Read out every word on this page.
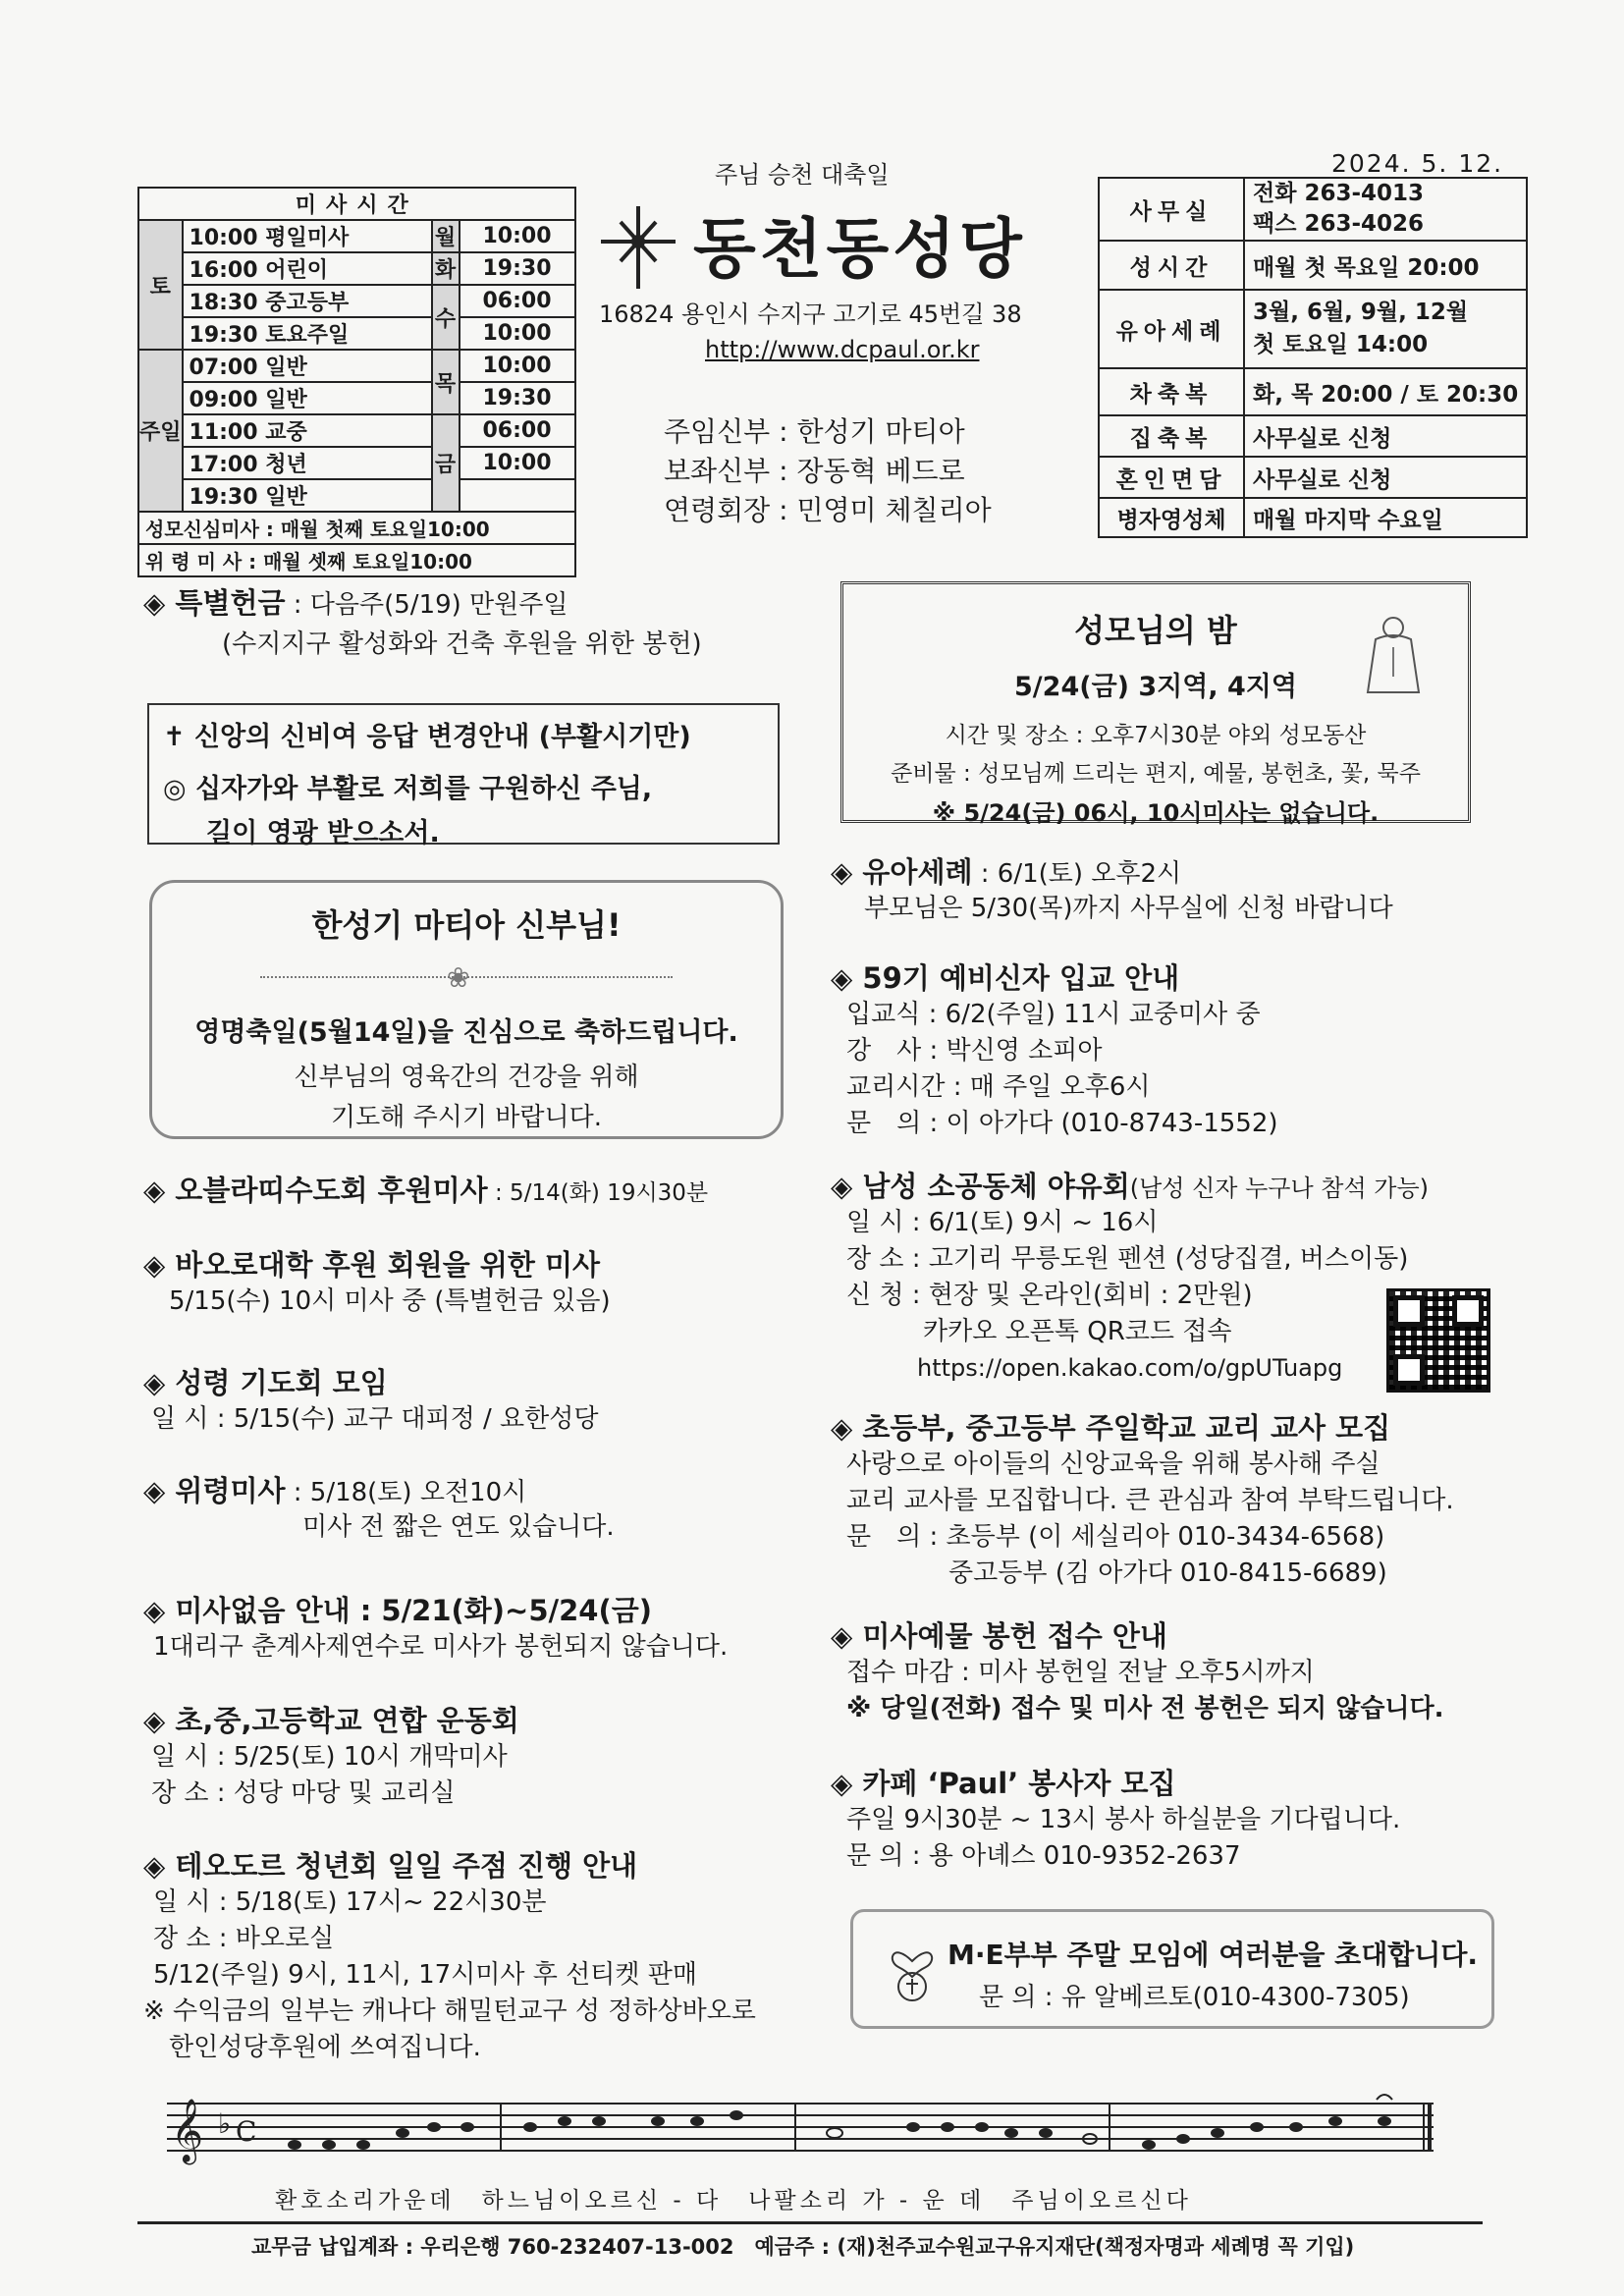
주님 승천 대축일	2024. 5. 12.
미사시간			
토	10:00 평일미사	월	10:00
	16:00 어린이	화	19:30
	18:30 중고등부	수	06:00
	19:30 토요주일		10:00
주일	07:00 일반	목	10:00
	09:00 일반		19:30
	11:00 교중	금	06:00
	17:00 청년		10:00
	19:30 일반		
성모신심미사 : 매월 첫째 토요일10:00			
위 령 미 사 : 매월 셋째 토요일10:00			
동천동성당
16824 용인시 수지구 고기로 45번길 38
http://www.dcpaul.or.kr
주임신부 : 한성기 마티아
보좌신부 : 장동혁 베드로
연령회장 : 민영미 체칠리아
사무실	전화 263-4013
팩스 263-4026

성시간	매월 첫 목요일 20:00
유아세례	3월, 6월, 9월, 12월
첫 토요일 14:00

차축복	화, 목 20:00 / 토 20:30
집축복	사무실로 신청
혼인면담	사무실로 신청
병자영성체	매월 마지막 수요일
◈ 특별헌금 : 다음주(5/19) 만원주일
(수지지구 활성화와 건축 후원을 위한 봉헌)
✝ 신앙의 신비여 응답 변경안내 (부활시기만)
◎ 십자가와 부활로 저희를 구원하신 주님,
길이 영광 받으소서.
한성기 마티아 신부님!
❀
영명축일(5월14일)을 진심으로 축하드립니다.
신부님의 영육간의 건강을 위해
기도해 주시기 바랍니다.
◈ 오블라띠수도회 후원미사 : 5/14(화) 19시30분
◈ 바오로대학 후원 회원을 위한 미사
5/15(수) 10시 미사 중 (특별헌금 있음)
◈ 성령 기도회 모임
일 시 : 5/15(수) 교구 대피정 / 요한성당
◈ 위령미사 : 5/18(토) 오전10시
　　　　미사 전 짧은 연도 있습니다.
◈ 미사없음 안내 : 5/21(화)~5/24(금)
1대리구 춘계사제연수로 미사가 봉헌되지 않습니다.
◈ 초,중,고등학교 연합 운동회
일 시 : 5/25(토) 10시 개막미사
장 소 : 성당 마당 및 교리실
◈ 테오도르 청년회 일일 주점 진행 안내
일 시 : 5/18(토) 17시~ 22시30분
장 소 : 바오로실
5/12(주일) 9시, 11시, 17시미사 후 선티켓 판매
※ 수익금의 일부는 캐나다 해밀턴교구 성 정하상바오로
　한인성당후원에 쓰여집니다.
성모님의 밤
5/24(금) 3지역, 4지역
시간 및 장소 : 오후7시30분 야외 성모동산
준비물 : 성모님께 드리는 편지, 예물, 봉헌초, 꽃, 묵주
※ 5/24(금) 06시, 10시미사는 없습니다.
◈ 유아세례 : 6/1(토) 오후2시
부모님은 5/30(목)까지 사무실에 신청 바랍니다
◈ 59기 예비신자 입교 안내
입교식 : 6/2(주일) 11시 교중미사 중
강　사 : 박신영 소피아
교리시간 : 매 주일 오후6시
문　의 : 이 아가다 (010-8743-1552)
◈ 남성 소공동체 야유회(남성 신자 누구나 참석 가능)
일 시 : 6/1(토) 9시 ~ 16시
장 소 : 고기리 무릉도원 펜션 (성당집결, 버스이동)
신 청 : 현장 및 온라인(회비 : 2만원)
　　　카카오 오픈톡 QR코드 접속
　　　https://open.kakao.com/o/gpUTuapg
◈ 초등부, 중고등부 주일학교 교리 교사 모집
사랑으로 아이들의 신앙교육을 위해 봉사해 주실
교리 교사를 모집합니다. 큰 관심과 참여 부탁드립니다.
문　의 : 초등부 (이 세실리아 010-3434-6568)
　　　　중고등부 (김 아가다 010-8415-6689)
◈ 미사예물 봉헌 접수 안내
접수 마감 : 미사 봉헌일 전날 오후5시까지
※ 당일(전화) 접수 및 미사 전 봉헌은 되지 않습니다.
◈ 카페 ‘Paul’ 봉사자 모집
주일 9시30분 ~ 13시 봉사 하실분을 기다립니다.
문 의 : 용 아녜스 010-9352-2637
M·E부부 주말 모임에 여러분을 초대합니다.
문 의 : 유 알베르토(010-4300-7305)
𝄞 ♭ C
환호소리가운데　하느님이오르신 - 다　나팔소리 가 - 운 데　주님이오르신다
교무금 납입계좌 : 우리은행 760-232407-13-002　예금주 : (재)천주교수원교구유지재단(책정자명과 세례명 꼭 기입)
